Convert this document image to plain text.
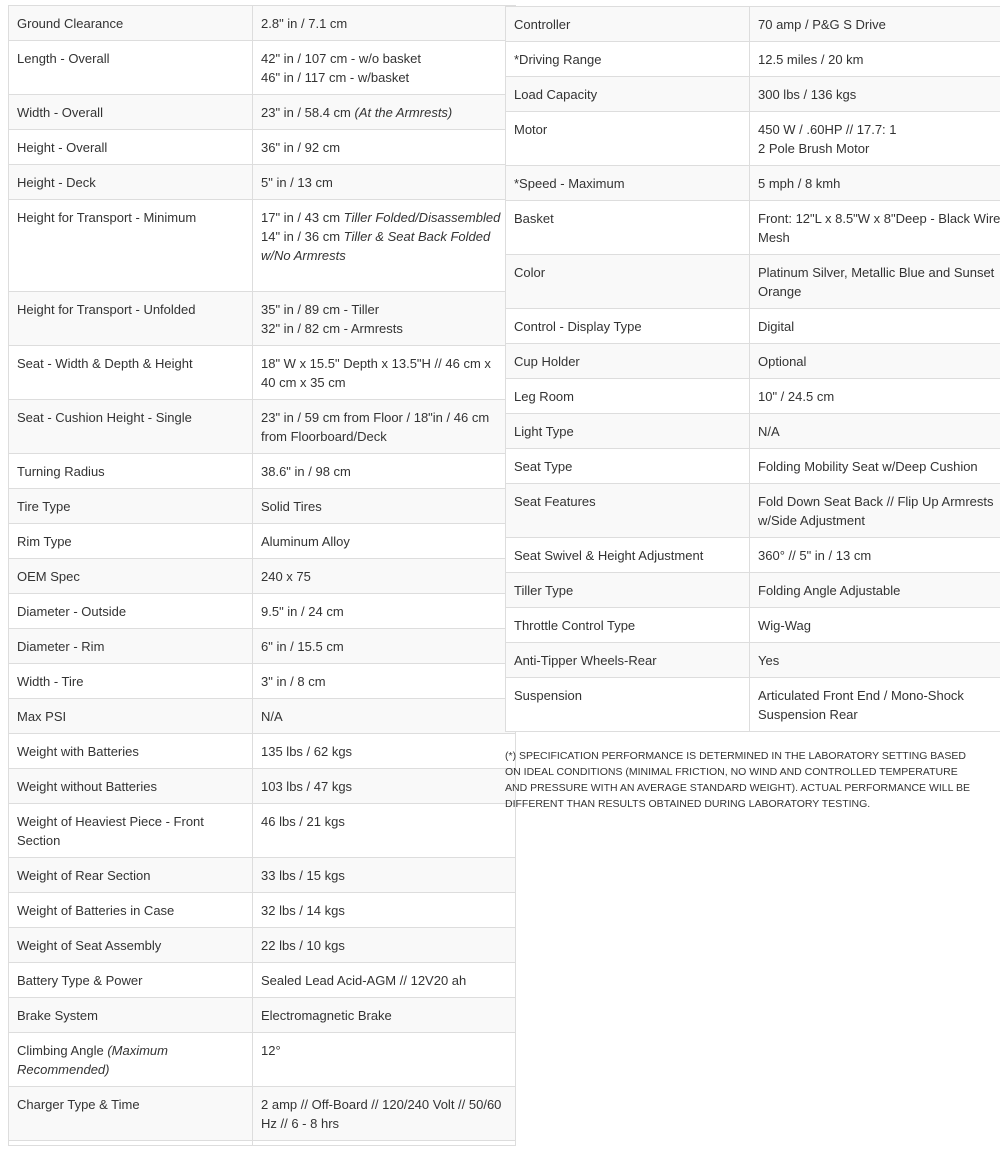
Ground Clearance	2.8" in / 7.1 cm

Length - Overall	42" in / 107 cm - w/o basket
46" in / 117 cm - w/basket

Width - Overall	23" in / 58.4 cm (At the Armrests)

Height - Overall	36" in / 92 cm

Height - Deck	5" in / 13 cm

Height for Transport - Minimum	17" in / 43 cm Tiller Folded/Disassembled
14" in / 36 cm Tiller & Seat Back Folded w/No Armrests

Height for Transport - Unfolded	35" in / 89 cm - Tiller
32" in / 82 cm - Armrests

Seat - Width & Depth & Height	18" W x 15.5" Depth x 13.5"H // 46 cm x 40 cm x 35 cm

Seat - Cushion Height - Single	23" in / 59 cm from Floor / 18"in / 46 cm from Floorboard/Deck

Turning Radius	38.6" in / 98 cm

Tire Type	Solid Tires

Rim Type	Aluminum Alloy

OEM Spec	240 x 75

Diameter - Outside	9.5" in / 24 cm

Diameter - Rim	6" in / 15.5 cm

Width - Tire	3" in / 8 cm

Max PSI	N/A

Weight with Batteries	135 lbs / 62 kgs

Weight without Batteries	103 lbs / 47 kgs

Weight of Heaviest Piece - Front Section	46 lbs / 21 kgs

Weight of Rear Section	33 lbs / 15 kgs

Weight of Batteries in Case	32 lbs / 14 kgs

Weight of Seat Assembly	22 lbs / 10 kgs

Battery Type & Power	Sealed Lead Acid-AGM // 12V20 ah

Brake System	Electromagnetic Brake

Climbing Angle (Maximum Recommended)	12°

Charger Type & Time	2 amp // Off-Board // 120/240 Volt // 50/60 Hz // 6 - 8 hrs

Controller	70 amp / P&G S Drive

*Driving Range	12.5 miles / 20 km

Load Capacity	300 lbs / 136 kgs

Motor	450 W / .60HP // 17.7: 1
2 Pole Brush Motor

*Speed - Maximum	5 mph / 8 kmh

Basket	Front: 12"L x 8.5"W x 8"Deep - Black Wire Mesh

Color	Platinum Silver, Metallic Blue and Sunset Orange

Control - Display Type	Digital

Cup Holder	Optional

Leg Room	10" / 24.5 cm

Light Type	N/A

Seat Type	Folding Mobility Seat w/Deep Cushion

Seat Features	Fold Down Seat Back // Flip Up Armrests w/Side Adjustment

Seat Swivel & Height Adjustment	360° // 5" in / 13 cm

Tiller Type	Folding Angle Adjustable

Throttle Control Type	Wig-Wag

Anti-Tipper Wheels-Rear	Yes

Suspension	Articulated Front End / Mono-Shock Suspension Rear
(*) SPECIFICATION PERFORMANCE IS DETERMINED IN THE LABORATORY SETTING BASED ON IDEAL CONDITIONS (MINIMAL FRICTION, NO WIND AND CONTROLLED TEMPERATURE AND PRESSURE WITH AN AVERAGE STANDARD WEIGHT). ACTUAL PERFORMANCE WILL BE DIFFERENT THAN RESULTS OBTAINED DURING LABORATORY TESTING.
